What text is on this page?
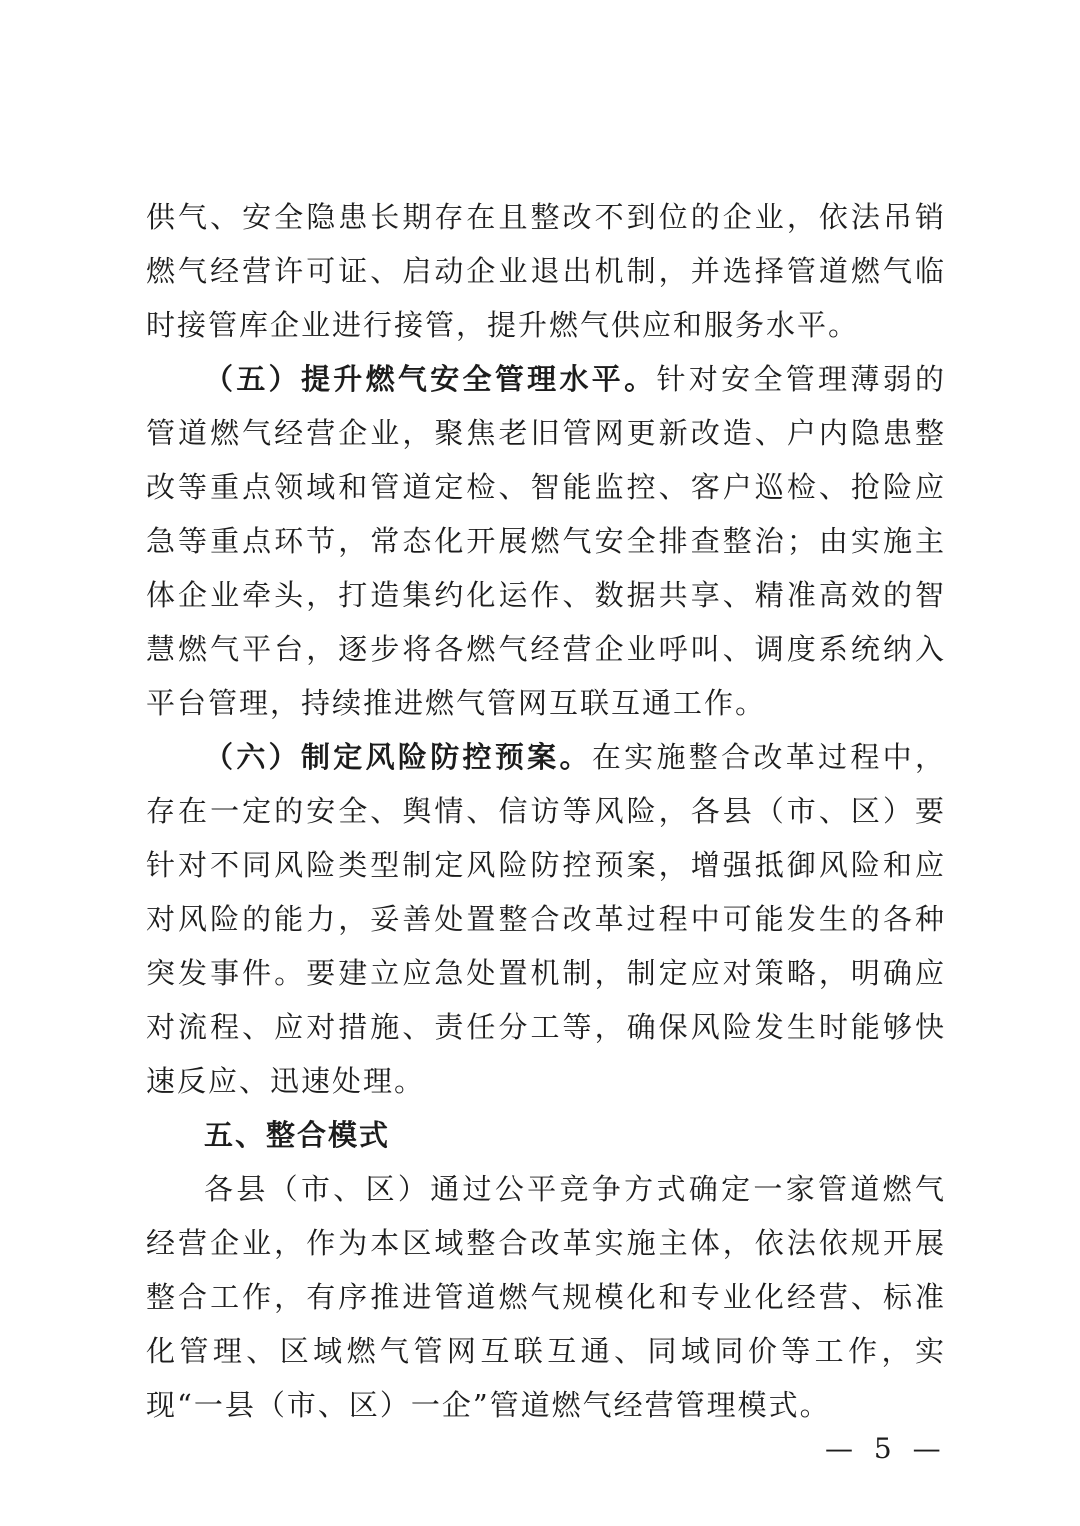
供气、安全隐患长期存在且整改不到位的企业，依法吊销燃气经营许可证、启动企业退出机制，并选择管道燃气临时接管库企业进行接管，提升燃气供应和服务水平。

（五）提升燃气安全管理水平。针对安全管理薄弱的管道燃气经营企业，聚焦老旧管网更新改造、户内隐患整改等重点领域和管道定检、智能监控、客户巡检、抢险应急等重点环节，常态化开展燃气安全排查整治；由实施主体企业牵头，打造集约化运作、数据共享、精准高效的智慧燃气平台，逐步将各燃气经营企业呼叫、调度系统纳入平台管理，持续推进燃气管网互联互通工作。

（六）制定风险防控预案。在实施整合改革过程中，存在一定的安全、舆情、信访等风险，各县（市、区）要针对不同风险类型制定风险防控预案，增强抵御风险和应对风险的能力，妥善处置整合改革过程中可能发生的各种突发事件。要建立应急处置机制，制定应对策略，明确应对流程、应对措施、责任分工等，确保风险发生时能够快速反应、迅速处理。

五、整合模式

各县（市、区）通过公平竞争方式确定一家管道燃气经营企业，作为本区域整合改革实施主体，依法依规开展整合工作，有序推进管道燃气规模化和专业化经营、标准化管理、区域燃气管网互联互通、同域同价等工作，实现“一县（市、区）一企”管道燃气经营管理模式。

— 5 —
